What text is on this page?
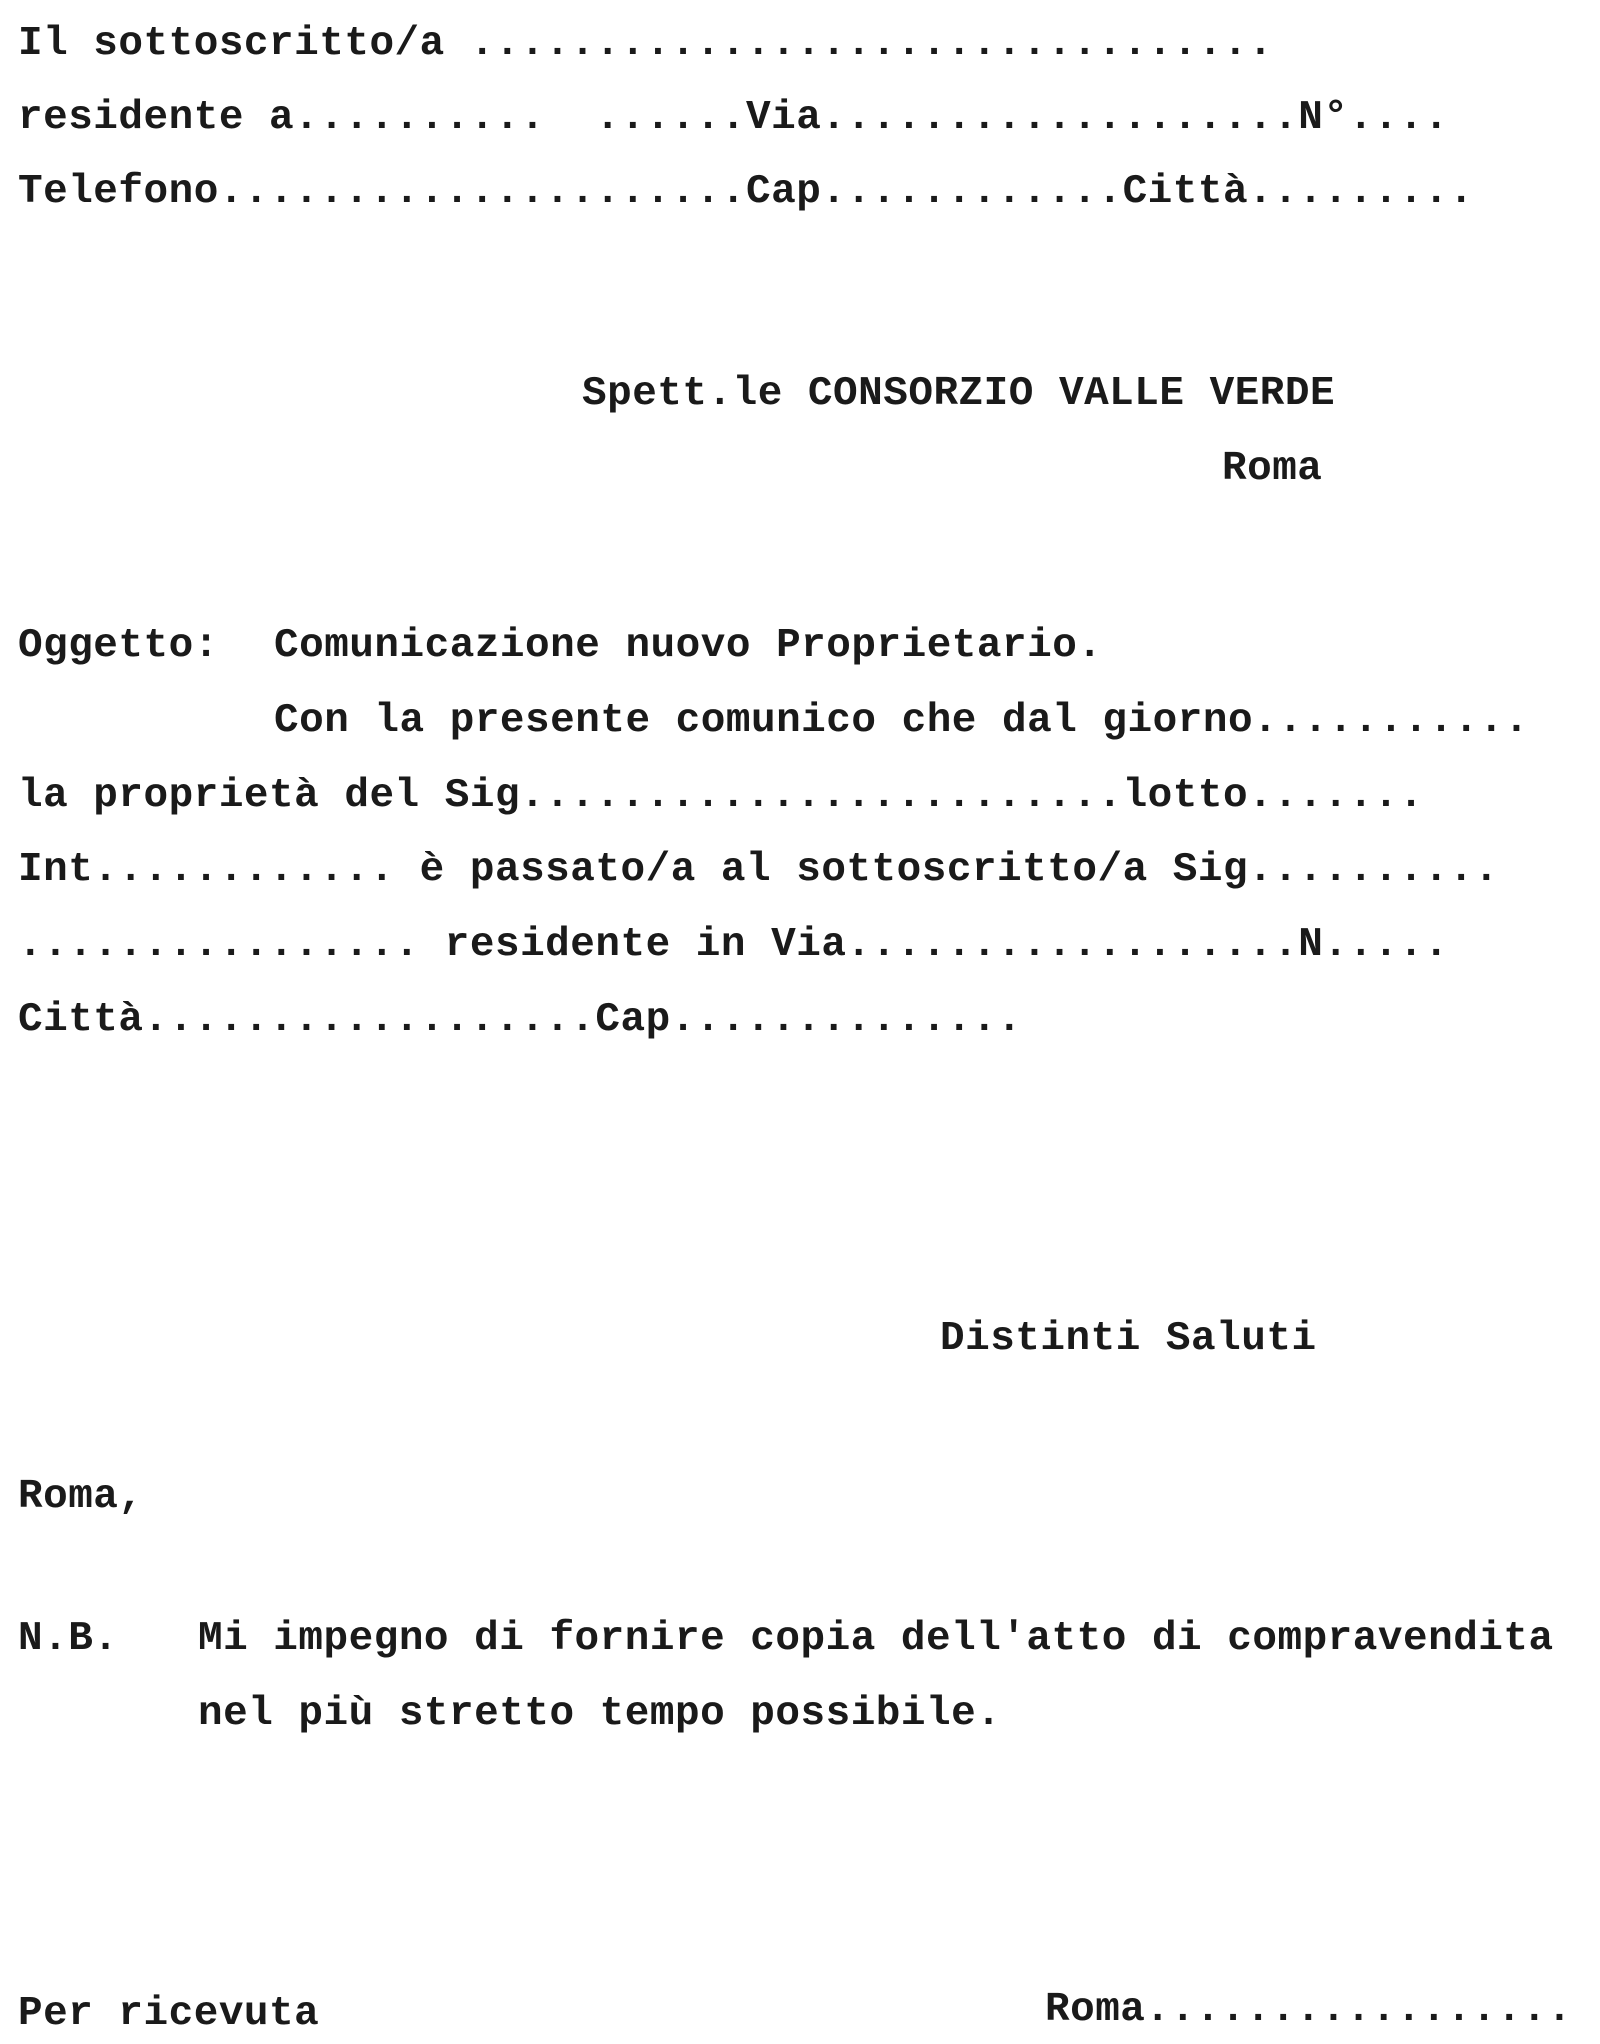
Il sottoscritto/a ................................
residente a..........  ......Via...................N°....
Telefono.....................Cap............Città.........
Spett.le CONSORZIO VALLE VERDE
Roma
Oggetto: Comunicazione nuovo Proprietario.
Con la presente comunico che dal giorno...........
la proprietà del Sig........................lotto.......
Int............ è passato/a al sottoscritto/a Sig..........
................ residente in Via..................N.....
Città..................Cap..............
Distinti Saluti
Roma,
N.B. Mi impegno di fornire copia dell'atto di compravendita
nel più stretto tempo possibile.
Per ricevuta	Roma.................
